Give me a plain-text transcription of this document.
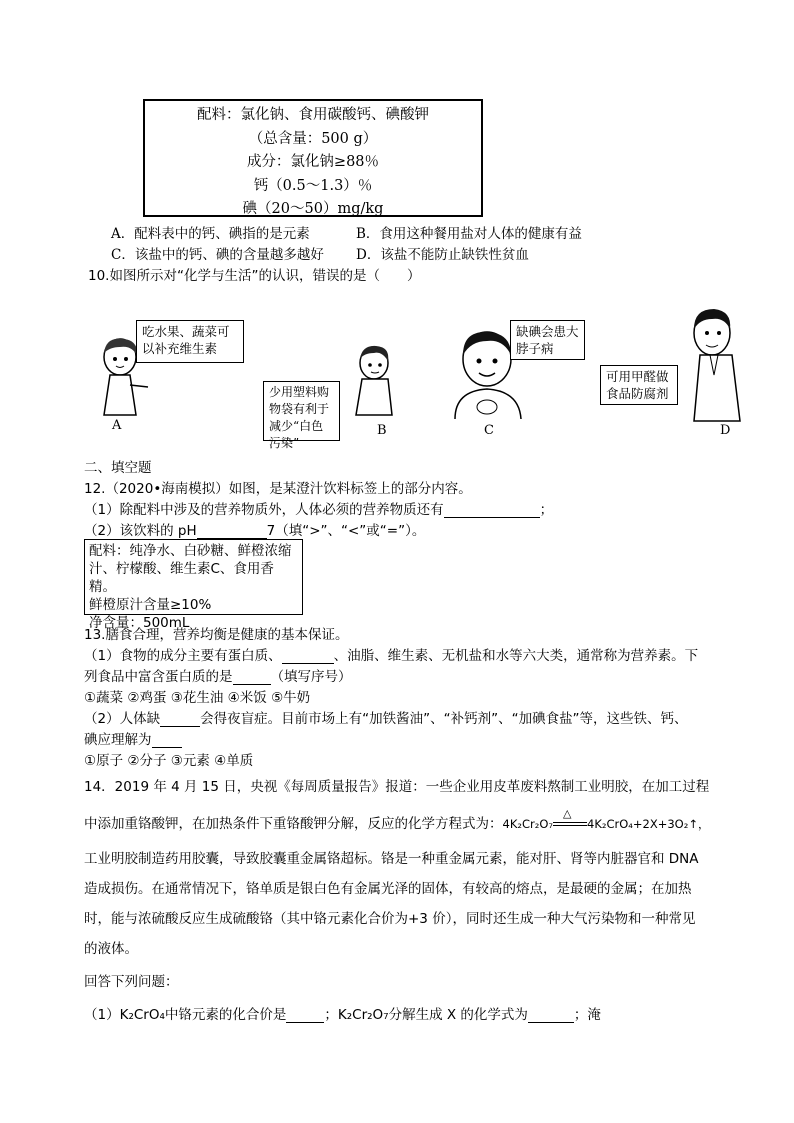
配料：氯化钠、食用碳酸钙、碘酸钾
（总含量：500 g）
成分：氯化钠≥88％
钙（0.5～1.3）％
碘（20～50）mg/kg
A．配料表中的钙、碘指的是元素	B．食用这种餐用盐对人体的健康有益
C．该盐中的钙、碘的含量越多越好 D．该盐不能防止缺铁性贫血
10.如图所示对“化学与生活”的认识，错误的是（　　）
吃水果、蔬菜可以补充维生素
A
少用塑料购物袋有利于减少“白色污染”
B
缺碘会患大脖子病
C
可用甲醛做食品防腐剂
D
二、填空题
12.（2020•海南模拟）如图，是某澄汁饮料标签上的部分内容。
（1）除配料中涉及的营养物质外，人体必须的营养物质还有	；
（2）该饮料的 pH	7（填“>”、“<”或“=”）。
配料：纯净水、白砂糖、鲜橙浓缩
汁、柠檬酸、维生素C、食用香精。
鲜橙原汁含量≥10%
净含量：500mL
13.膳食合理，营养均衡是健康的基本保证。
（1）食物的成分主要有蛋白质、	、油脂、维生素、无机盐和水等六大类，通常称为营养素。下
列食品中富含蛋白质的是	（填写序号）
①蔬菜 ②鸡蛋 ③花生油 ④米饭 ⑤牛奶
（2）人体缺	会得夜盲症。目前市场上有“加铁酱油”、“补钙剂”、“加碘食盐”等，这些铁、钙、
碘应理解为
①原子 ②分子 ③元素 ④单质
14．2019 年 4 月 15 日，央视《每周质量报告》报道：一些企业用皮革废料熬制工业明胶，在加工过程
中添加重铬酸钾，在加热条件下重铬酸钾分解，反应的化学方程式为：4K₂Cr₂O₇
△
4K₂CrO₄+2X+3O₂↑，
工业明胶制造药用胶囊，导致胶囊重金属铬超标。铬是一种重金属元素，能对肝、肾等内脏器官和 DNA
造成损伤。在通常情况下，铬单质是银白色有金属光泽的固体，有较高的熔点，是最硬的金属；在加热
时，能与浓硫酸反应生成硫酸铬（其中铬元素化合价为+3 价），同时还生成一种大气污染物和一种常见
的液体。
回答下列问题：
（1）K₂CrO₄中铬元素的化合价是	；K₂Cr₂O₇分解生成 X 的化学式为	；淹
